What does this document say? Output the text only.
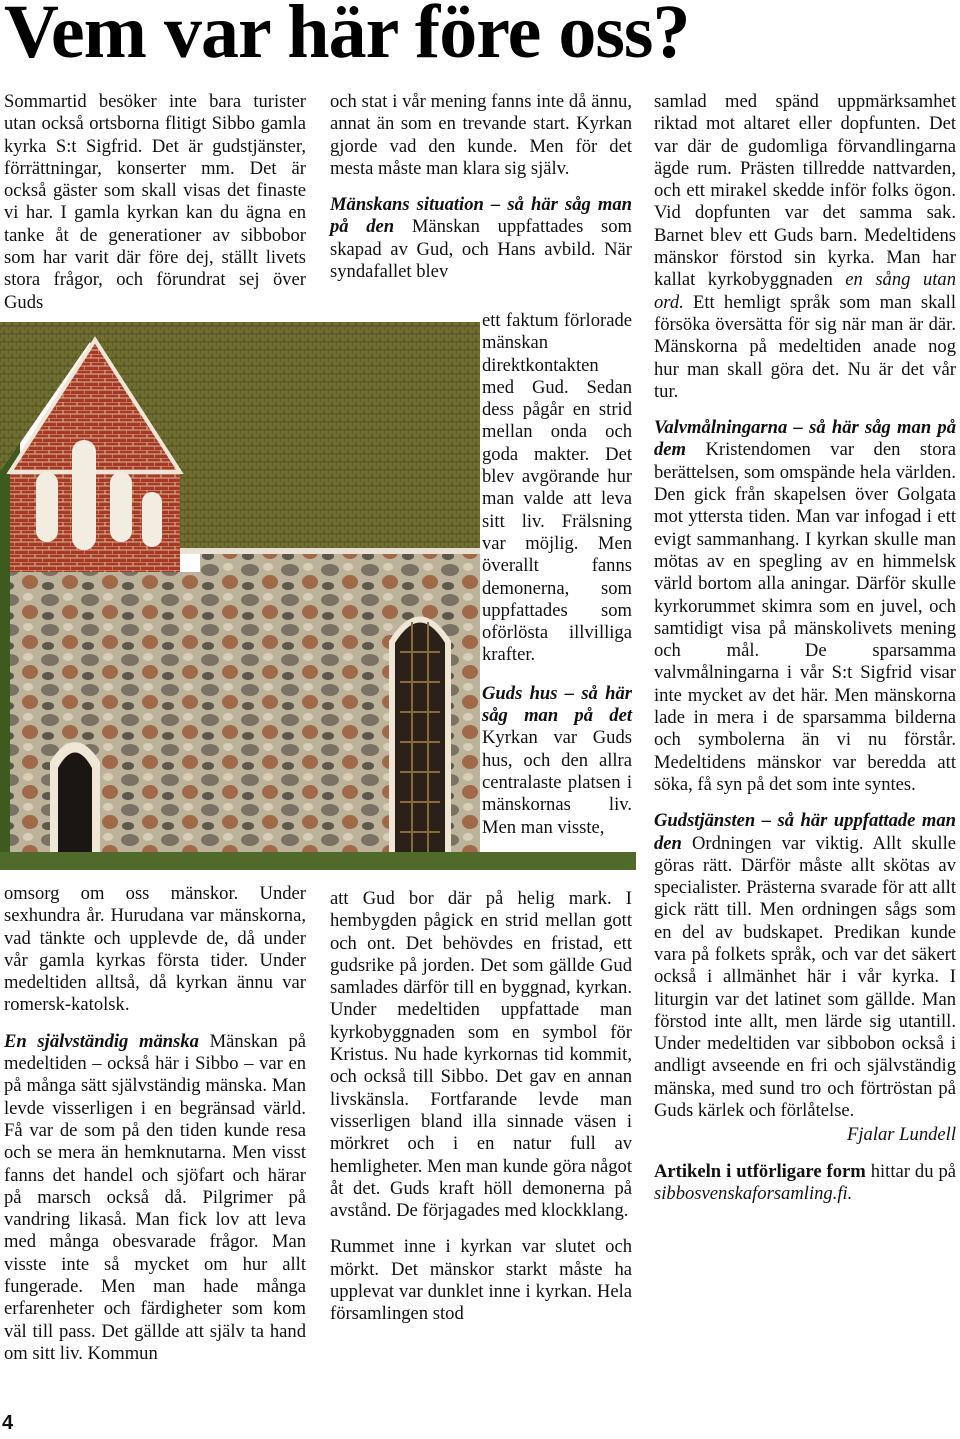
Vem var här före oss?

Sommartid besöker inte bara turister utan också ortsborna flitigt Sibbo gamla kyrka S:t Sigfrid. Det är gudstjänster, förrättningar, konserter mm. Det är också gäster som skall visas det finaste vi har. I gamla kyrkan kan du ägna en tanke åt de generationer av sibbobor som har varit där före dej, ställt livets stora frågor, och förundrat sej över Guds

omsorg om oss mänskor. Under sexhundra år. Hurudana var mänskorna, vad tänkte och upplevde de, då under vår gamla kyrkas första tider. Under medeltiden alltså, då kyrkan ännu var romersk-katolsk.

En självständig mänska Mänskan på medeltiden – också här i Sibbo – var en på många sätt självständig mänska. Man levde visserligen i en begränsad värld. Få var de som på den tiden kunde resa och se mera än hemknutarna. Men visst fanns det handel och sjöfart och härar på marsch också då. Pilgrimer på vandring likaså. Man fick lov att leva med många obesvarade frågor. Man visste inte så mycket om hur allt fungerade. Men man hade många erfarenheter och färdigheter som kom väl till pass. Det gällde att själv ta hand om sitt liv. Kommun

och stat i vår mening fanns inte då ännu, annat än som en trevande start. Kyrkan gjorde vad den kunde. Men för det mesta måste man klara sig själv.

Mänskans situation – så här såg man på den Mänskan uppfattades som skapad av Gud, och Hans avbild. När syndafallet blev

ett faktum förlorade mänskan direktkontakten med Gud. Sedan dess pågår en strid mellan onda och goda makter. Det blev avgörande hur man valde att leva sitt liv. Frälsning var möjlig. Men överallt fanns demonerna, som uppfattades som oförlösta illvilliga krafter.

Guds hus – så här såg man på det Kyrkan var Guds hus, och den allra centralaste platsen i mänskornas liv. Men man visste,

att Gud bor där på helig mark. I hembygden pågick en strid mellan gott och ont. Det behövdes en fristad, ett gudsrike på jorden. Det som gällde Gud samlades därför till en byggnad, kyrkan. Under medeltiden uppfattade man kyrkobyggnaden som en symbol för Kristus. Nu hade kyrkornas tid kommit, och också till Sibbo. Det gav en annan livskänsla. Fortfarande levde man visserligen bland illa sinnade väsen i mörkret och i en natur full av hemligheter. Men man kunde göra något åt det. Guds kraft höll demonerna på avstånd. De förjagades med klockklang.

Rummet inne i kyrkan var slutet och mörkt. Det mänskor starkt måste ha upplevat var dunklet inne i kyrkan. Hela församlingen stod

samlad med spänd uppmärksamhet riktad mot altaret eller dopfunten. Det var där de gudomliga förvandlingarna ägde rum. Prästen tillredde nattvarden, och ett mirakel skedde inför folks ögon. Vid dopfunten var det samma sak. Barnet blev ett Guds barn. Medeltidens mänskor förstod sin kyrka. Man har kallat kyrkobyggnaden en sång utan ord. Ett hemligt språk som man skall försöka översätta för sig när man är där. Mänskorna på medeltiden anade nog hur man skall göra det. Nu är det vår tur.

Valvmålningarna – så här såg man på dem Kristendomen var den stora berättelsen, som omspände hela världen. Den gick från skapelsen över Golgata mot yttersta tiden. Man var infogad i ett evigt sammanhang. I kyrkan skulle man mötas av en spegling av en himmelsk värld bortom alla aningar. Därför skulle kyrkorummet skimra som en juvel, och samtidigt visa på mänskolivets mening och mål. De sparsamma valvmålningarna i vår S:t Sigfrid visar inte mycket av det här. Men mänskorna lade in mera i de sparsamma bilderna och symbolerna än vi nu förstår. Medeltidens mänskor var beredda att söka, få syn på det som inte syntes.

Gudstjänsten – så här uppfattade man den Ordningen var viktig. Allt skulle göras rätt. Därför måste allt skötas av specialister. Prästerna svarade för att allt gick rätt till. Men ordningen sågs som en del av budskapet. Predikan kunde vara på folkets språk, och var det säkert också i allmänhet här i vår kyrka. I liturgin var det latinet som gällde. Man förstod inte allt, men lärde sig utantill. Under medeltiden var sibbobon också i andligt avseende en fri och självständig mänska, med sund tro och förtröstan på Guds kärlek och förlåtelse.

Fjalar Lundell

Artikeln i utförligare form hittar du på sibbosvenskaforsamling.fi.

4
